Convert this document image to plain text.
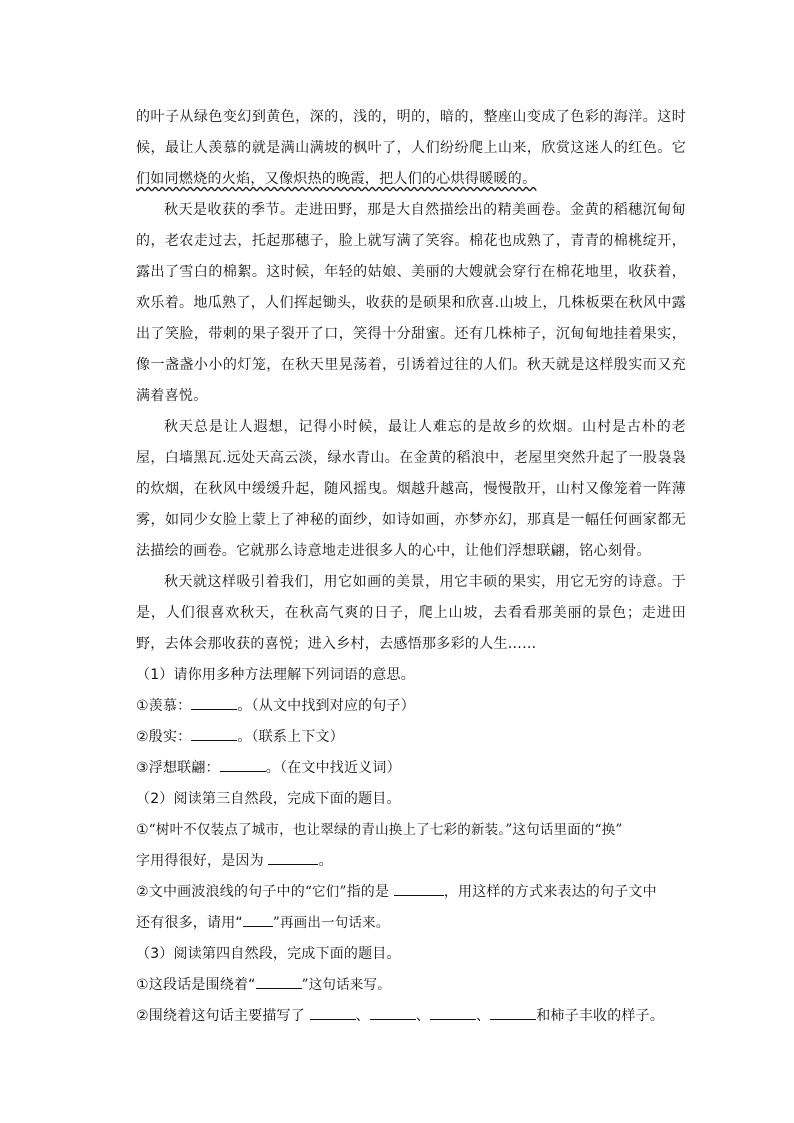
的叶子从绿色变幻到黄色，深的，浅的，明的，暗的，整座山变成了色彩的海洋。这时候，最让人羡慕的就是满山满坡的枫叶了，人们纷纷爬上山来，欣赏这迷人的红色。它们如同燃烧的火焰，又像炽热的晚霞，把人们的心烘得暖暖的。

秋天是收获的季节。走进田野，那是大自然描绘出的精美画卷。金黄的稻穗沉甸甸的，老农走过去，托起那穗子，脸上就写满了笑容。棉花也成熟了，青青的棉桃绽开，露出了雪白的棉絮。这时候，年轻的姑娘、美丽的大嫂就会穿行在棉花地里，收获着，欢乐着。地瓜熟了，人们挥起锄头，收获的是硕果和欣喜.山坡上，几株板栗在秋风中露出了笑脸，带刺的果子裂开了口，笑得十分甜蜜。还有几株柿子，沉甸甸地挂着果实，像一盏盏小小的灯笼，在秋天里晃荡着，引诱着过往的人们。秋天就是这样殷实而又充满着喜悦。

秋天总是让人遐想，记得小时候，最让人难忘的是故乡的炊烟。山村是古朴的老屋，白墙黑瓦.远处天高云淡，绿水青山。在金黄的稻浪中，老屋里突然升起了一股袅袅的炊烟，在秋风中缓缓升起，随风摇曳。烟越升越高，慢慢散开，山村又像笼着一阵薄雾，如同少女脸上蒙上了神秘的面纱，如诗如画，亦梦亦幻，那真是一幅任何画家都无法描绘的画卷。它就那么诗意地走进很多人的心中，让他们浮想联翩，铭心刻骨。

秋天就这样吸引着我们，用它如画的美景，用它丰硕的果实，用它无穷的诗意。于是，人们很喜欢秋天，在秋高气爽的日子，爬上山坡，去看看那美丽的景色；走进田野，去体会那收获的喜悦；进入乡村，去感悟那多彩的人生……

（1）请你用多种方法理解下列词语的意思。

①羡慕：	。（从文中找到对应的句子）

②殷实：	。（联系上下文）

③浮想联翩：	。（在文中找近义词）

（2）阅读第三自然段，完成下面的题目。

①“树叶不仅装点了城市，也让翠绿的青山换上了七彩的新装。”这句话里面的“换”

字用得很好，是因为	。

②文中画波浪线的句子中的“它们”指的是	，用这样的方式来表达的句子文中

还有很多，请用“ ”再画出一句话来。

（3）阅读第四自然段，完成下面的题目。

①这段话是围绕着“	”这句话来写。

②围绕着这句话主要描写了	、	、	、	和柿子丰收的样子。
